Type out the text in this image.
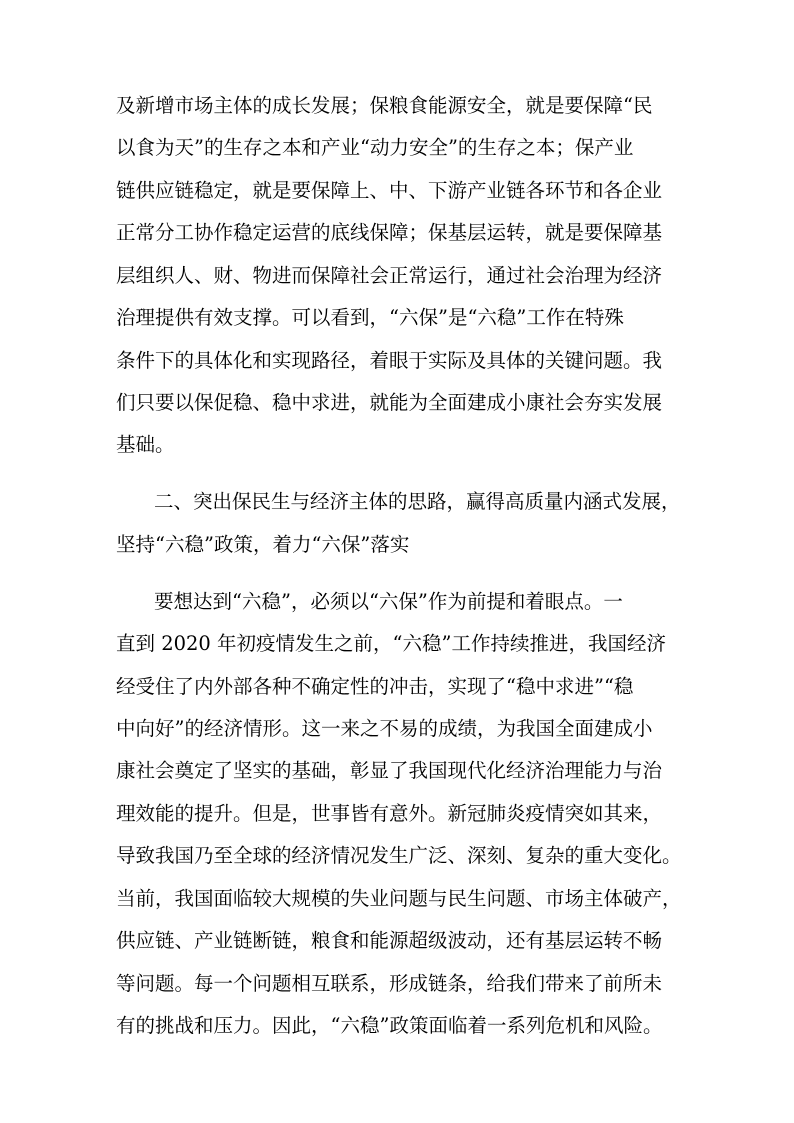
及新增市场主体的成长发展；保粮食能源安全，就是要保障“民
以食为天”的生存之本和产业“动力安全”的生存之本；保产业
链供应链稳定，就是要保障上、中、下游产业链各环节和各企业
正常分工协作稳定运营的底线保障；保基层运转，就是要保障基
层组织人、财、物进而保障社会正常运行，通过社会治理为经济
治理提供有效支撑。可以看到，“六保”是“六稳”工作在特殊
条件下的具体化和实现路径，着眼于实际及具体的关键问题。我
们只要以保促稳、稳中求进，就能为全面建成小康社会夯实发展
基础。
二、突出保民生与经济主体的思路，赢得高质量内涵式发展，
坚持“六稳”政策，着力“六保”落实
要想达到“六稳”，必须以“六保”作为前提和着眼点。一
直到 2020 年初疫情发生之前，“六稳”工作持续推进，我国经济
经受住了内外部各种不确定性的冲击，实现了“稳中求进”“稳
中向好”的经济情形。这一来之不易的成绩，为我国全面建成小
康社会奠定了坚实的基础，彰显了我国现代化经济治理能力与治
理效能的提升。但是，世事皆有意外。新冠肺炎疫情突如其来，
导致我国乃至全球的经济情况发生广泛、深刻、复杂的重大变化。
当前，我国面临较大规模的失业问题与民生问题、市场主体破产，
供应链、产业链断链，粮食和能源超级波动，还有基层运转不畅
等问题。每一个问题相互联系，形成链条，给我们带来了前所未
有的挑战和压力。因此，“六稳”政策面临着一系列危机和风险。
